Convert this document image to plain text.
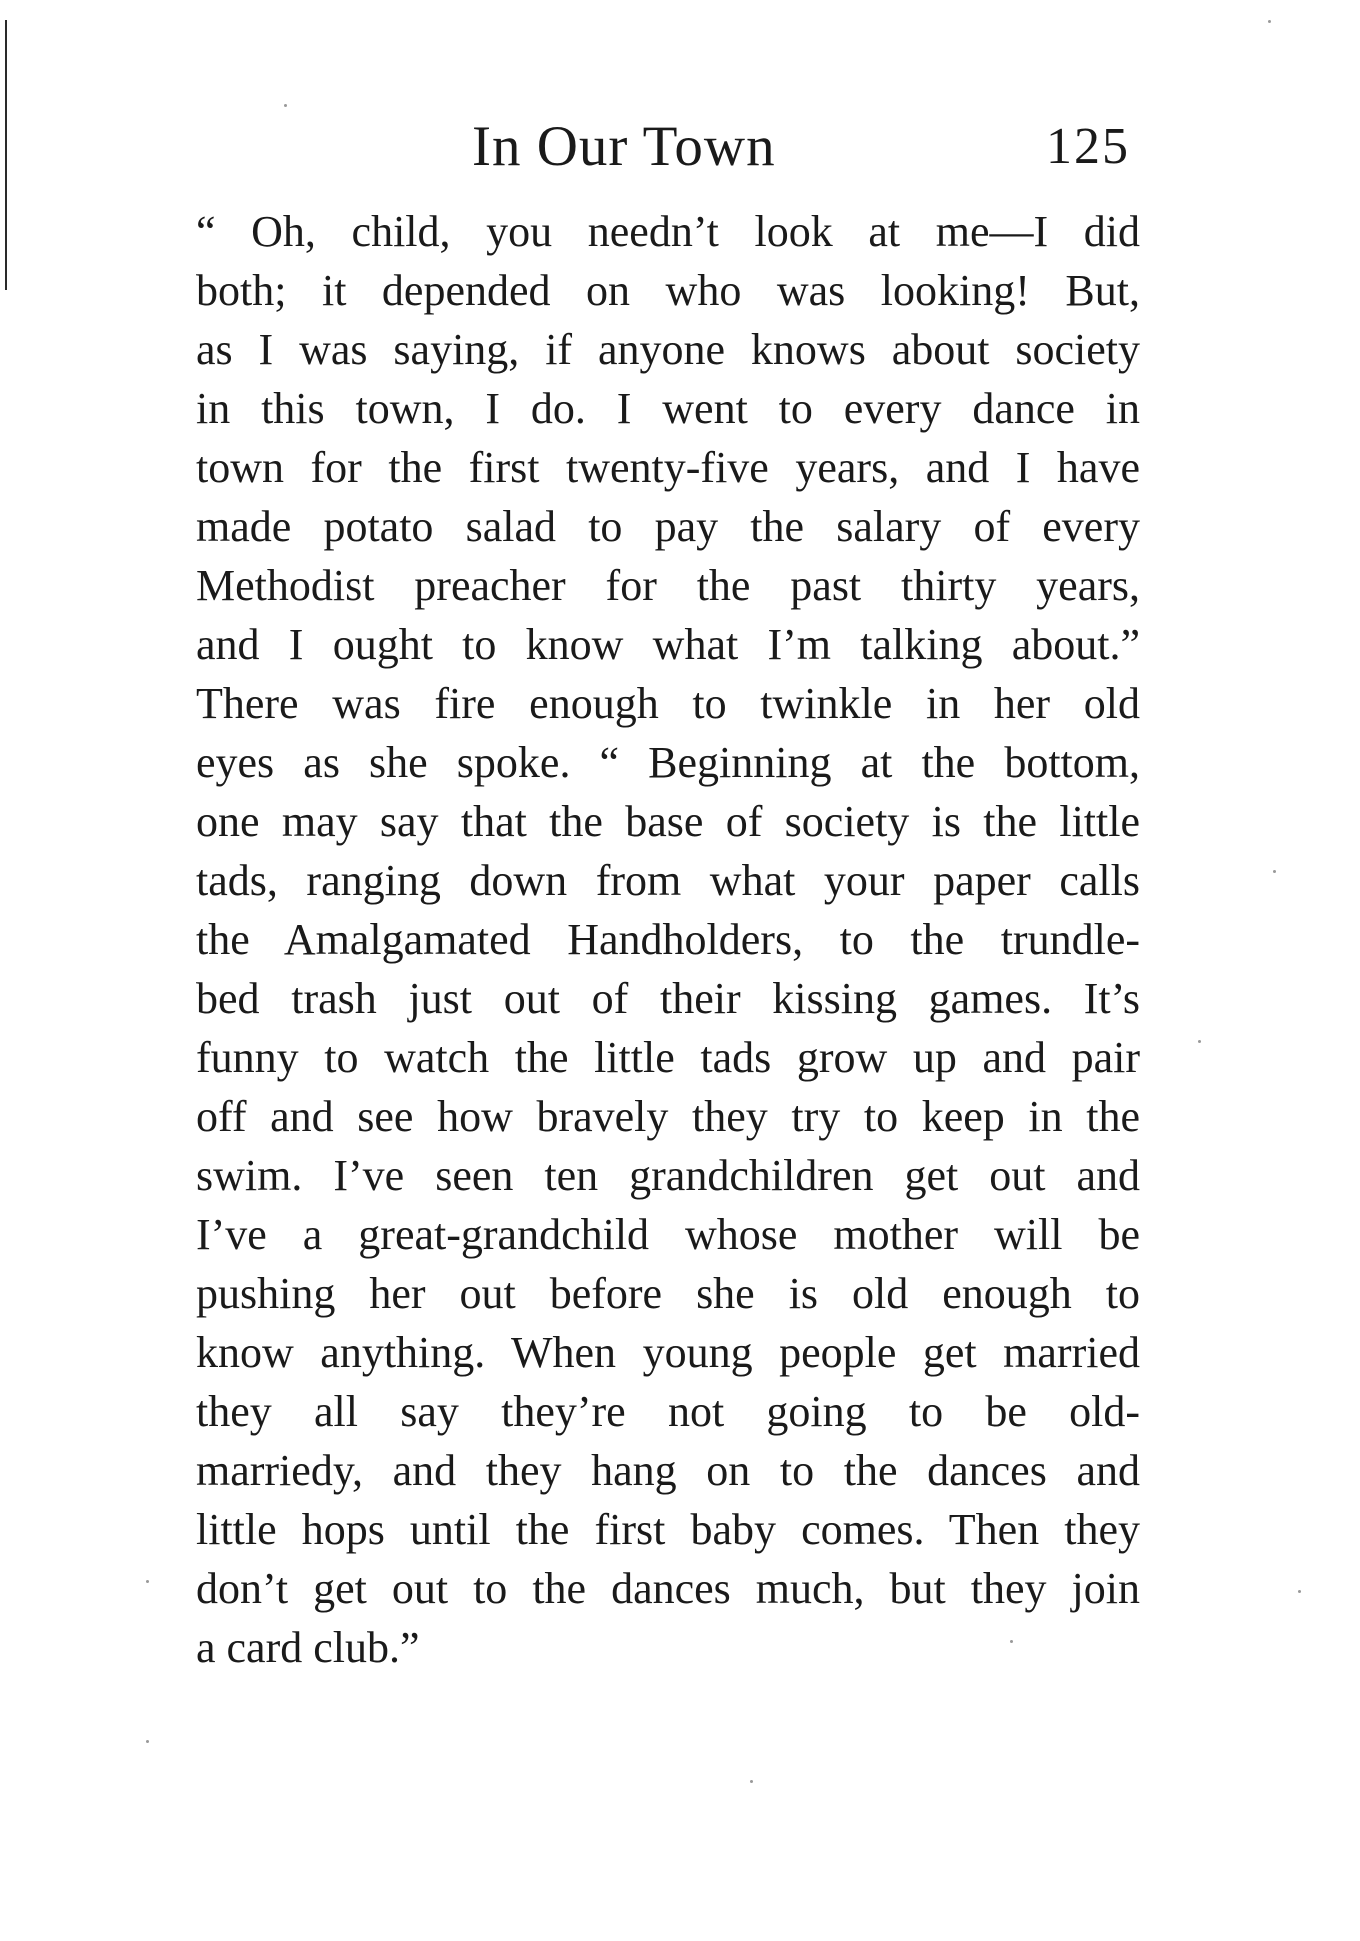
In Our Town	125
“ Oh, child, you needn’t look at me—I did
both; it depended on who was looking! But,
as I was saying, if anyone knows about society
in this town, I do. I went to every dance in
town for the first twenty-five years, and I have
made potato salad to pay the salary of every
Methodist preacher for the past thirty years,
and I ought to know what I’m talking about.”
There was fire enough to twinkle in her old
eyes as she spoke. “ Beginning at the bottom,
one may say that the base of society is the little
tads, ranging down from what your paper calls
the Amalgamated Handholders, to the trundle-
bed trash just out of their kissing games. It’s
funny to watch the little tads grow up and pair
off and see how bravely they try to keep in the
swim. I’ve seen ten grandchildren get out and
I’ve a great-grandchild whose mother will be
pushing her out before she is old enough to
know anything. When young people get married
they all say they’re not going to be old-
marriedy, and they hang on to the dances and
little hops until the first baby comes. Then they
don’t get out to the dances much, but they join
a card club.”
